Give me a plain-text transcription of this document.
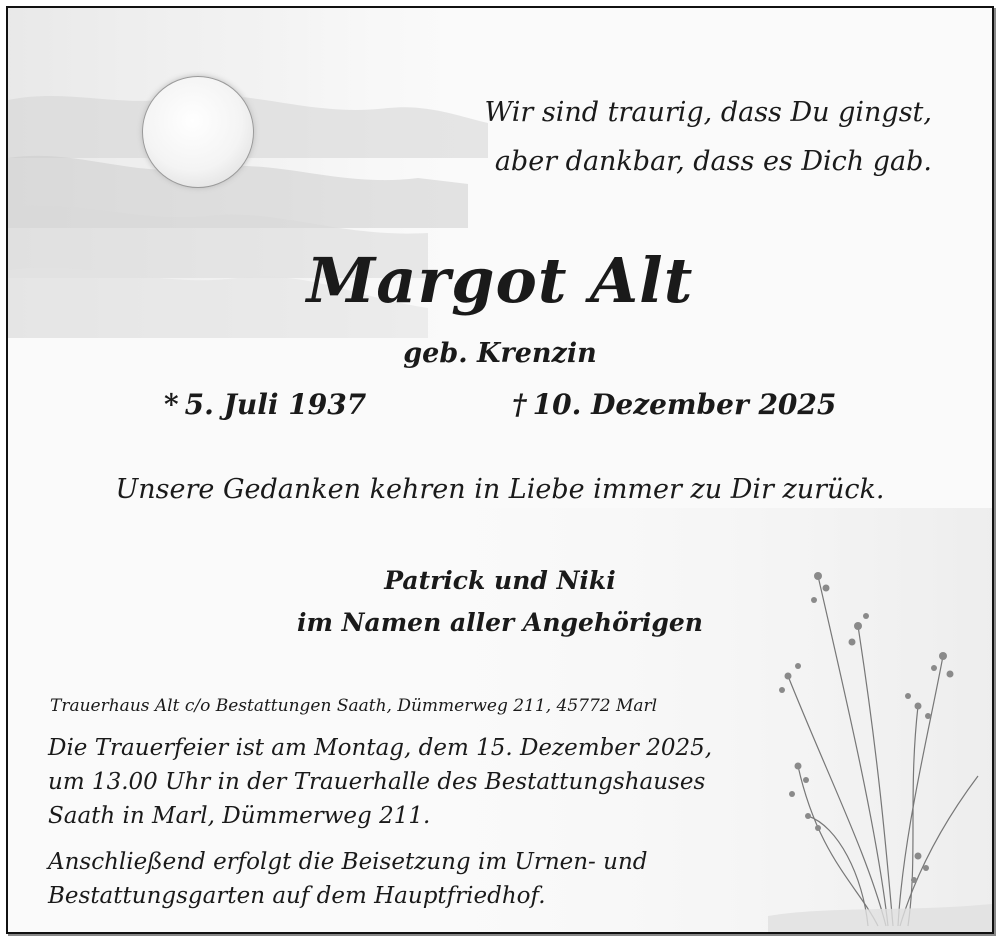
Wir sind traurig, dass Du gingst,
aber dankbar, dass es Dich gab.
Margot Alt
geb. Krenzin
* 5. Juli 1937	† 10. Dezember 2025
Unsere Gedanken kehren in Liebe immer zu Dir zurück.
Patrick und Niki
im Namen aller Angehörigen
Trauerhaus Alt c/o Bestattungen Saath, Dümmerweg 211, 45772 Marl
Die Trauerfeier ist am Montag, dem 15. Dezember 2025,
um 13.00 Uhr in der Trauerhalle des Bestattungshauses
Saath in Marl, Dümmerweg 211.
Anschließend erfolgt die Beisetzung im Urnen- und
Bestattungsgarten auf dem Hauptfriedhof.
